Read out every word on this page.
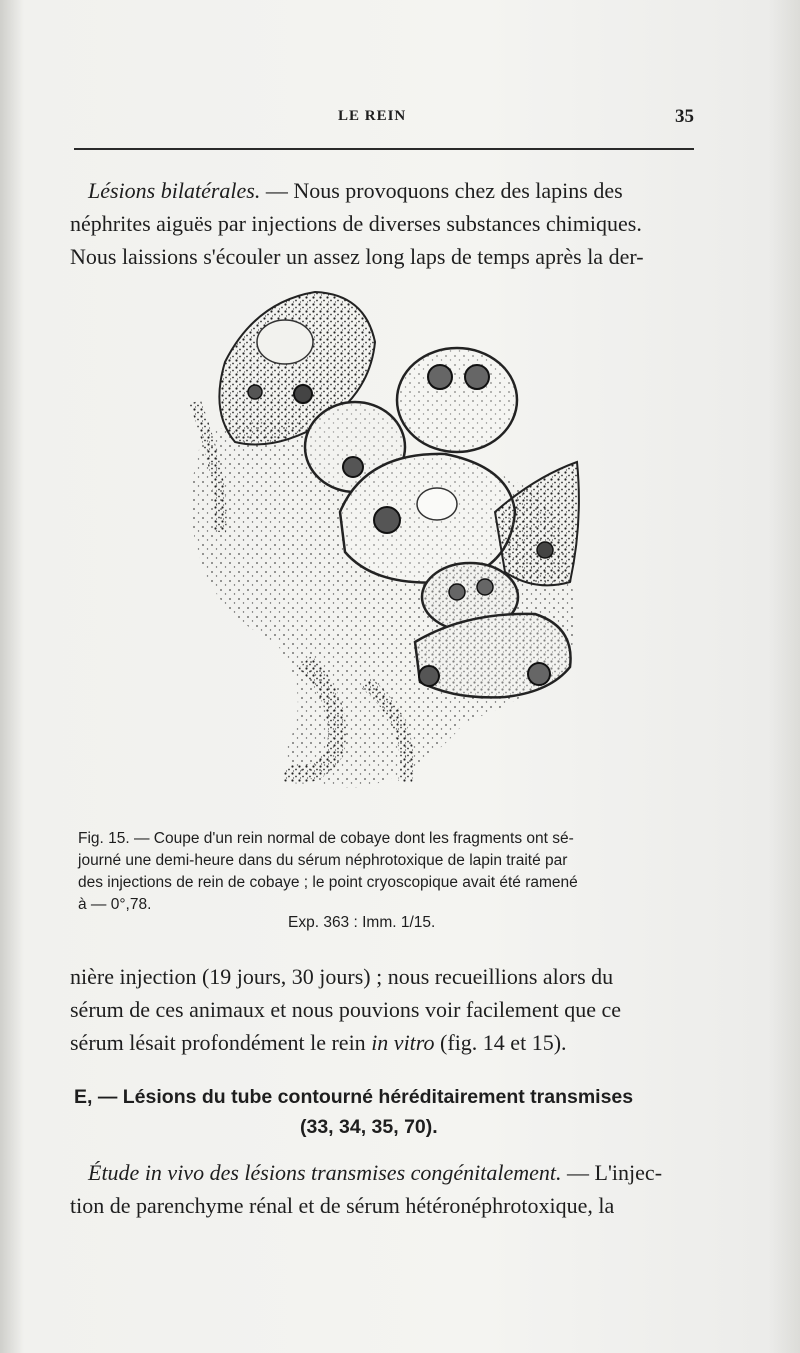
LE REIN	35

Lésions bilatérales. — Nous provoquons chez des lapins des
néphrites aiguës par injections de diverses substances chimiques.
Nous laissions s'écouler un assez long laps de temps après la der-

Fig. 15. — Coupe d'un rein normal de cobaye dont les fragments ont sé-
journé une demi-heure dans du sérum néphrotoxique de lapin traité par
des injections de rein de cobaye ; le point cryoscopique avait été ramené
à — 0°,78.
Exp. 363 : Imm. 1/15.

nière injection (19 jours, 30 jours) ; nous recueillions alors du
sérum de ces animaux et nous pouvions voir facilement que ce
sérum lésait profondément le rein in vitro (fig. 14 et 15).

E, — Lésions du tube contourné héréditairement transmises
(33, 34, 35, 70).

Étude in vivo des lésions transmises congénitalement. — L'injec-
tion de parenchyme rénal et de sérum hétéronéphrotoxique, la
